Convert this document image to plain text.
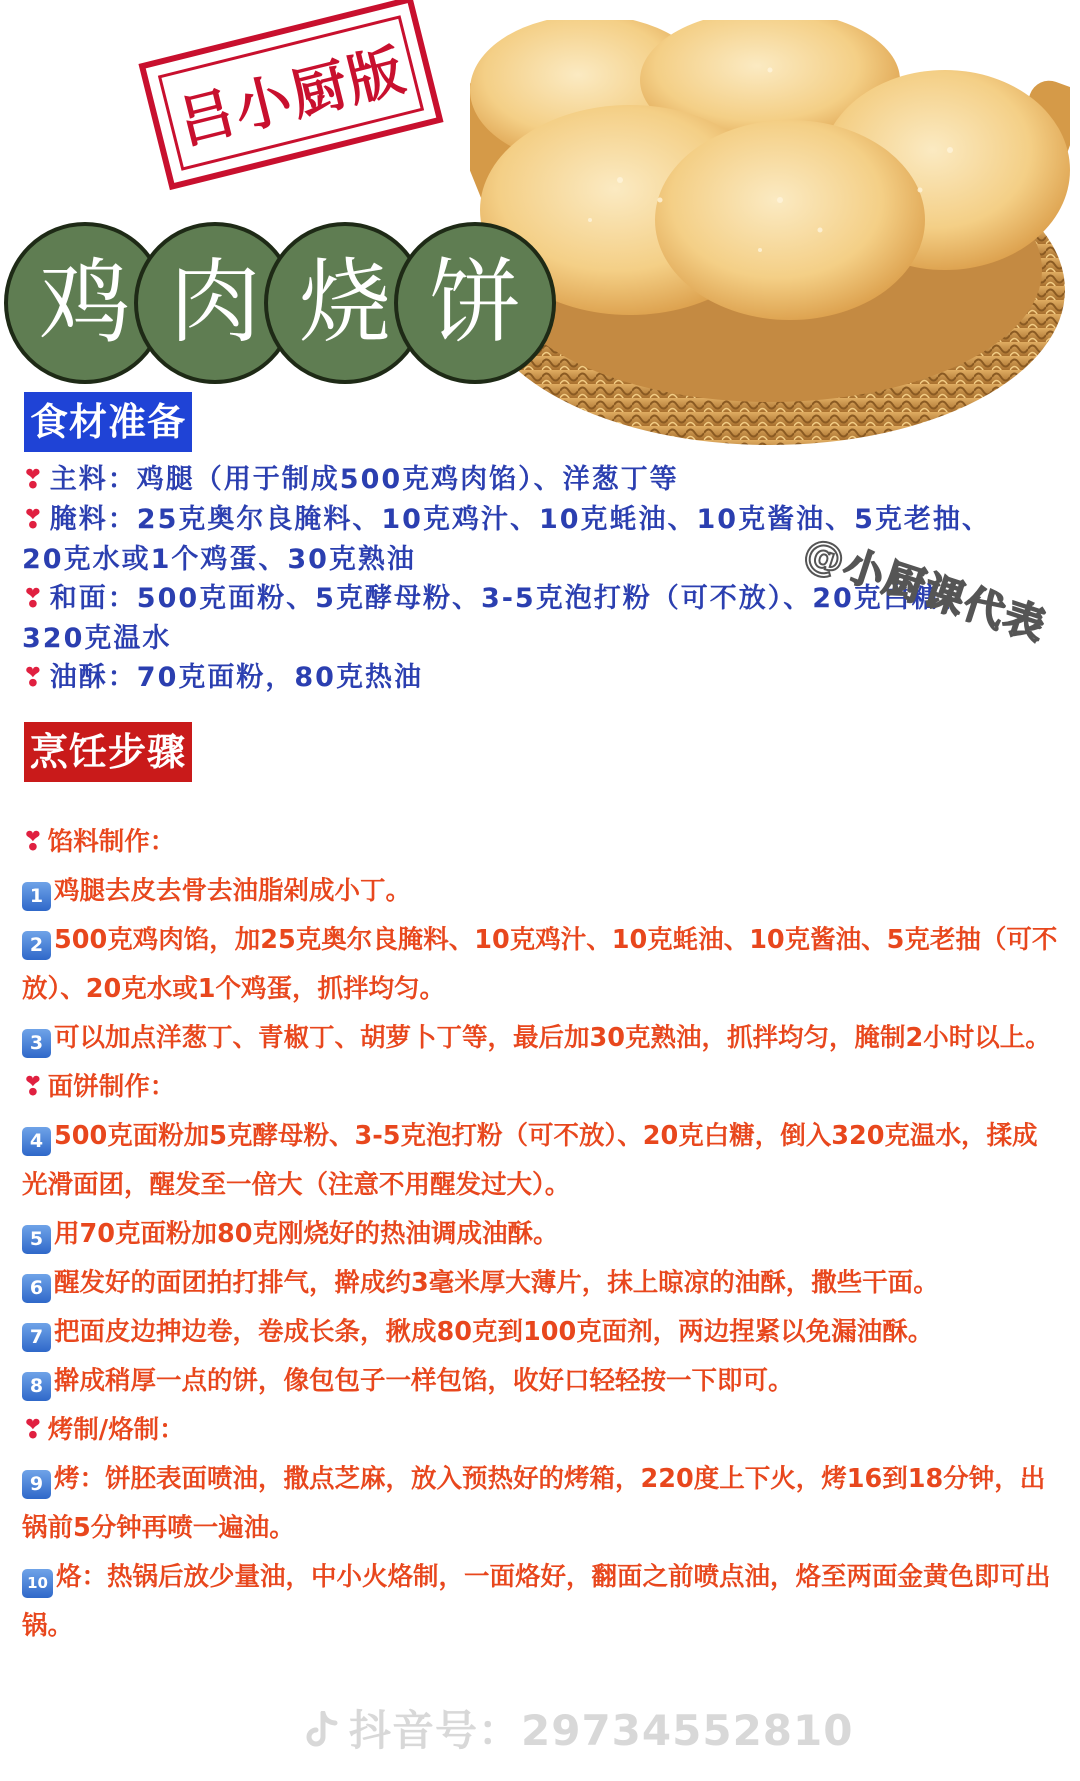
吕小厨版
鸡 肉 烧 饼
食材准备

❣ 主料：鸡腿（用于制成500克鸡肉馅）、洋葱丁等

❣ 腌料：25克奥尔良腌料、10克鸡汁、10克蚝油、10克酱油、5克老抽、20克水或1个鸡蛋、30克熟油

❣ 和面：500克面粉、5克酵母粉、3-5克泡打粉（可不放）、20克白糖、320克温水

❣ 油酥：70克面粉，80克热油

@小厨课代表
烹饪步骤

❣ 馅料制作：

1 鸡腿去皮去骨去油脂剁成小丁。

2 500克鸡肉馅，加25克奥尔良腌料、10克鸡汁、10克蚝油、10克酱油、5克老抽（可不放）、20克水或1个鸡蛋，抓拌均匀。

3 可以加点洋葱丁、青椒丁、胡萝卜丁等，最后加30克熟油，抓拌均匀，腌制2小时以上。

❣ 面饼制作：

4 500克面粉加5克酵母粉、3-5克泡打粉（可不放）、20克白糖，倒入320克温水，揉成光滑面团，醒发至一倍大（注意不用醒发过大）。

5 用70克面粉加80克刚烧好的热油调成油酥。

6 醒发好的面团拍打排气，擀成约3毫米厚大薄片，抹上晾凉的油酥，撒些干面。

7 把面皮边抻边卷，卷成长条，揪成80克到100克面剂，两边捏紧以免漏油酥。

8 擀成稍厚一点的饼，像包包子一样包馅，收好口轻轻按一下即可。

❣ 烤制/烙制：

9 烤：饼胚表面喷油，撒点芝麻，放入预热好的烤箱，220度上下火，烤16到18分钟，出锅前5分钟再喷一遍油。

10 烙：热锅后放少量油，中小火烙制，一面烙好，翻面之前喷点油，烙至两面金黄色即可出锅。

抖音号：29734552810
